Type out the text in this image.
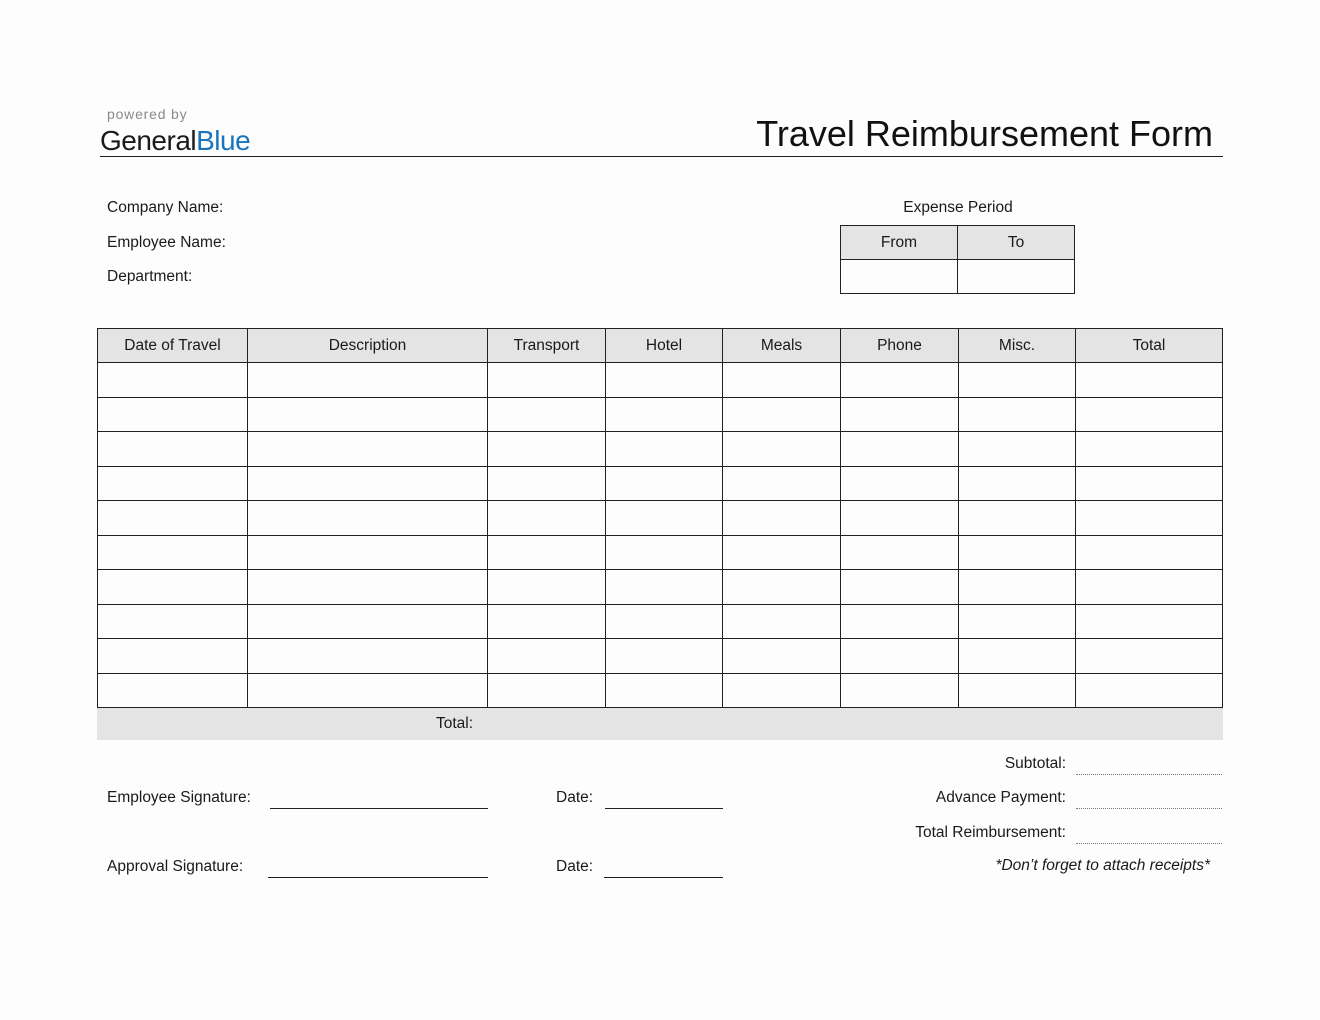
powered by
GeneralBlue	Travel Reimbursement Form
Company Name:
Employee Name:
Department:
Expense Period
From	To

Date of Travel	Description	Transport	Hotel	Meals	Phone	Misc.	Total

Total:
Employee Signature:	Date:
Approval Signature:	Date:
Subtotal:
Advance Payment:
Total Reimbursement:
*Don’t forget to attach receipts*
